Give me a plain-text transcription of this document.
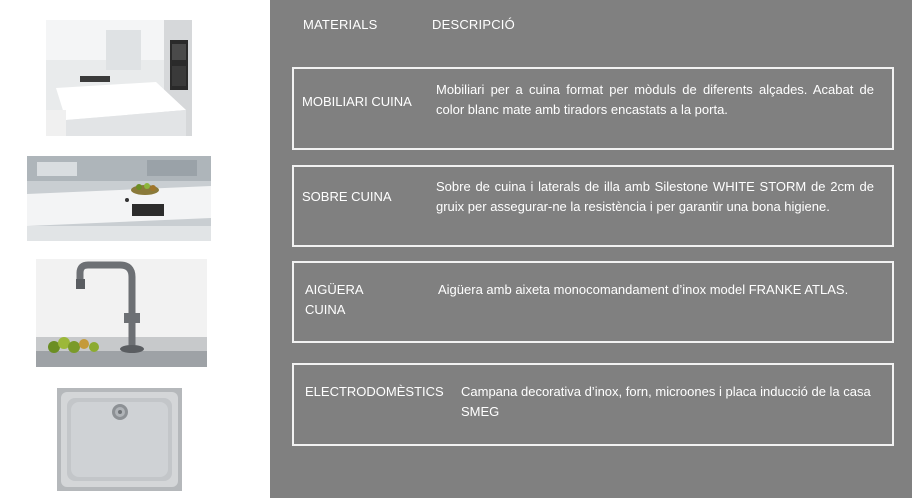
MATERIALS	DESCRIPCIÓ
MOBILIARI CUINA
Mobiliari per a cuina format per mòduls de diferents alçades. Acabat de color blanc mate amb tiradors encastats a la porta.
SOBRE CUINA
Sobre de cuina i laterals de illa amb Silestone WHITE STORM de 2cm de gruix per assegurar-ne la resistència i per garantir una bona higiene.
AIGÜERA CUINA
Aigüera amb aixeta monocomandament d’inox model FRANKE ATLAS.
ELECTRODOMÈSTICS	Campana decorativa d’inox, forn, microones i placa inducció de la casa SMEG
